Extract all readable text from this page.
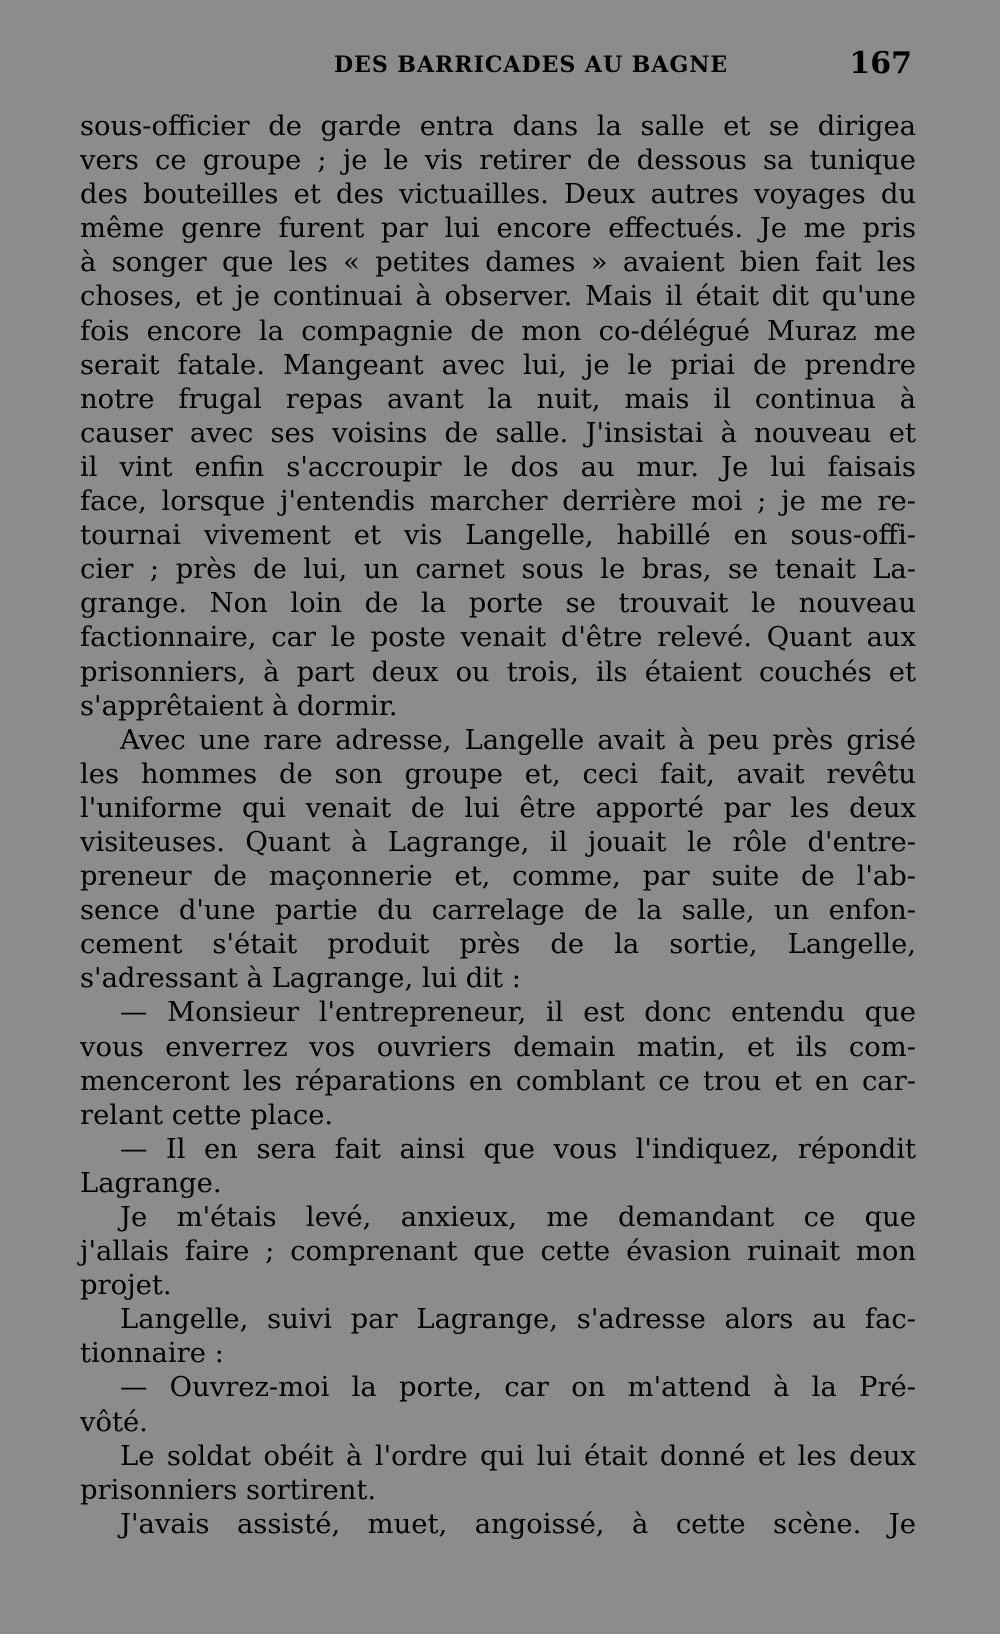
DES BARRICADES AU BAGNE	167
sous-officier de garde entra dans la salle et se dirigea
vers ce groupe ; je le vis retirer de dessous sa tunique
des bouteilles et des victuailles. Deux autres voyages du
même genre furent par lui encore effectués. Je me pris
à songer que les « petites dames » avaient bien fait les
choses, et je continuai à observer. Mais il était dit qu'une
fois encore la compagnie de mon co-délégué Muraz me
serait fatale. Mangeant avec lui, je le priai de prendre
notre frugal repas avant la nuit, mais il continua à
causer avec ses voisins de salle. J'insistai à nouveau et
il vint enfin s'accroupir le dos au mur. Je lui faisais
face, lorsque j'entendis marcher derrière moi ; je me re-
tournai vivement et vis Langelle, habillé en sous-offi-
cier ; près de lui, un carnet sous le bras, se tenait La-
grange. Non loin de la porte se trouvait le nouveau
factionnaire, car le poste venait d'être relevé. Quant aux
prisonniers, à part deux ou trois, ils étaient couchés et
s'apprêtaient à dormir.
Avec une rare adresse, Langelle avait à peu près grisé
les hommes de son groupe et, ceci fait, avait revêtu
l'uniforme qui venait de lui être apporté par les deux
visiteuses. Quant à Lagrange, il jouait le rôle d'entre-
preneur de maçonnerie et, comme, par suite de l'ab-
sence d'une partie du carrelage de la salle, un enfon-
cement s'était produit près de la sortie, Langelle,
s'adressant à Lagrange, lui dit :
— Monsieur l'entrepreneur, il est donc entendu que
vous enverrez vos ouvriers demain matin, et ils com-
menceront les réparations en comblant ce trou et en car-
relant cette place.
— Il en sera fait ainsi que vous l'indiquez, répondit
Lagrange.
Je m'étais levé, anxieux, me demandant ce que
j'allais faire ; comprenant que cette évasion ruinait mon
projet.
Langelle, suivi par Lagrange, s'adresse alors au fac-
tionnaire :
— Ouvrez-moi la porte, car on m'attend à la Pré-
vôté.
Le soldat obéit à l'ordre qui lui était donné et les deux
prisonniers sortirent.
J'avais assisté, muet, angoissé, à cette scène. Je
